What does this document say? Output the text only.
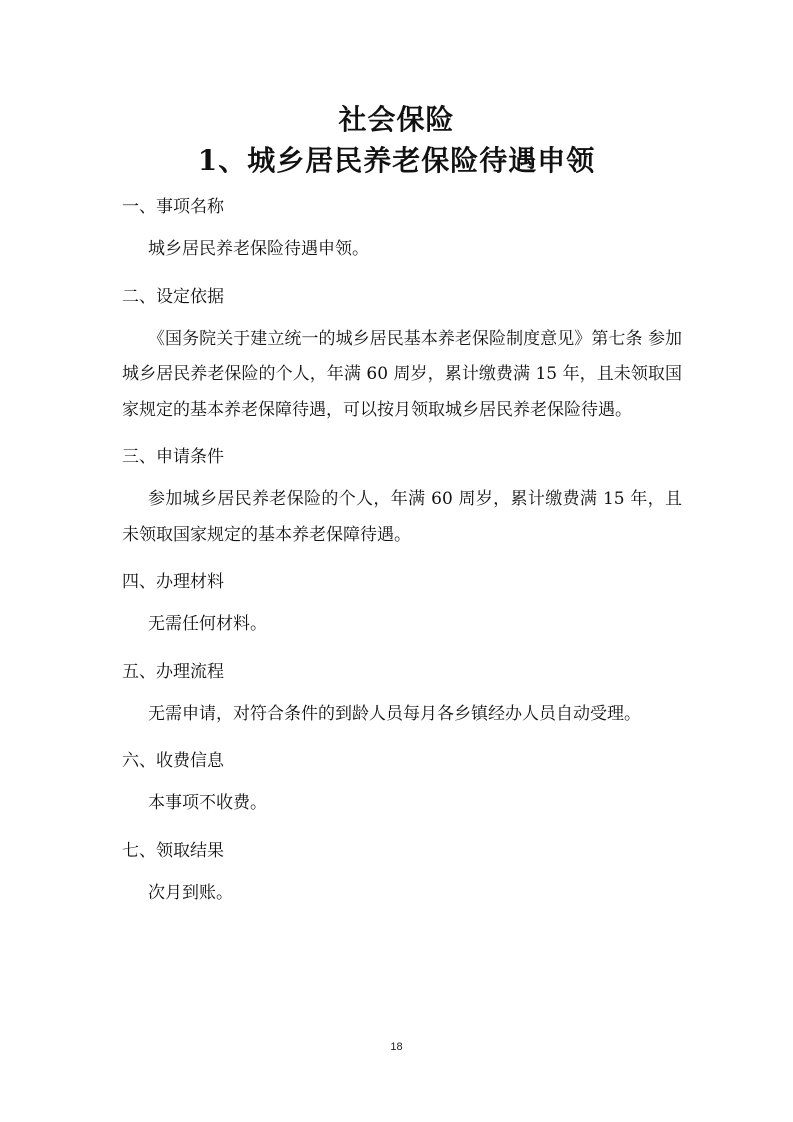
社会保险
1、城乡居民养老保险待遇申领

一、事项名称

城乡居民养老保险待遇申领。

二、设定依据

《国务院关于建立统一的城乡居民基本养老保险制度意见》第七条 参加城乡居民养老保险的个人，年满 60 周岁，累计缴费满 15 年，且未领取国家规定的基本养老保障待遇，可以按月领取城乡居民养老保险待遇。

三、申请条件

参加城乡居民养老保险的个人，年满 60 周岁，累计缴费满 15 年，且未领取国家规定的基本养老保障待遇。

四、办理材料

无需任何材料。

五、办理流程

无需申请，对符合条件的到龄人员每月各乡镇经办人员自动受理。

六、收费信息

本事项不收费。

七、领取结果

次月到账。

18
